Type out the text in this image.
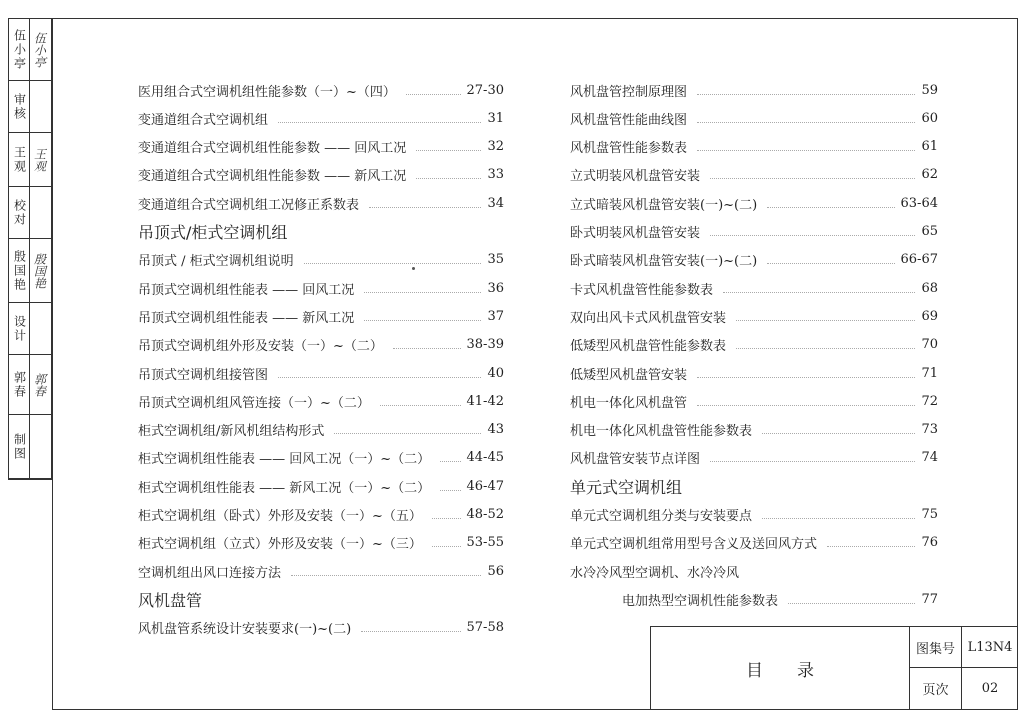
伍小亭 伍小亭
审核
王观 王观
校对
殷国艳 殷国艳
设计
郭春 郭春
制图
医用组合式空调机组性能参数（一）~（四）	27-30
变通道组合式空调机组	31
变通道组合式空调机组性能参数 —— 回风工况	32
变通道组合式空调机组性能参数 —— 新风工况	33
变通道组合式空调机组工况修正系数表	34
吊顶式/柜式空调机组
吊顶式 / 柜式空调机组说明	35
吊顶式空调机组性能表 —— 回风工况	36
吊顶式空调机组性能表 —— 新风工况	37
吊顶式空调机组外形及安装（一）~（二）	38-39
吊顶式空调机组接管图	40
吊顶式空调机组风管连接（一）~（二）	41-42
柜式空调机组/新风机组结构形式	43
柜式空调机组性能表 —— 回风工况（一）~（二）	44-45
柜式空调机组性能表 —— 新风工况（一）~（二）	46-47
柜式空调机组（卧式）外形及安装（一）~（五）	48-52
柜式空调机组（立式）外形及安装（一）~（三）	53-55
空调机组出风口连接方法	56
风机盘管
风机盘管系统设计安装要求(一)~(二)	57-58
风机盘管控制原理图	59
风机盘管性能曲线图	60
风机盘管性能参数表	61
立式明装风机盘管安装	62
立式暗装风机盘管安装(一)~(二)	63-64
卧式明装风机盘管安装	65
卧式暗装风机盘管安装(一)~(二)	66-67
卡式风机盘管性能参数表	68
双向出风卡式风机盘管安装	69
低矮型风机盘管性能参数表	70
低矮型风机盘管安装	71
机电一体化风机盘管	72
机电一体化风机盘管性能参数表	73
风机盘管安装节点详图	74
单元式空调机组
单元式空调机组分类与安装要点	75
单元式空调机组常用型号含义及送回风方式	76
水冷冷风型空调机、水冷冷风
电加热型空调机性能参数表	77
目录
图集号 L13N4
页次	02
